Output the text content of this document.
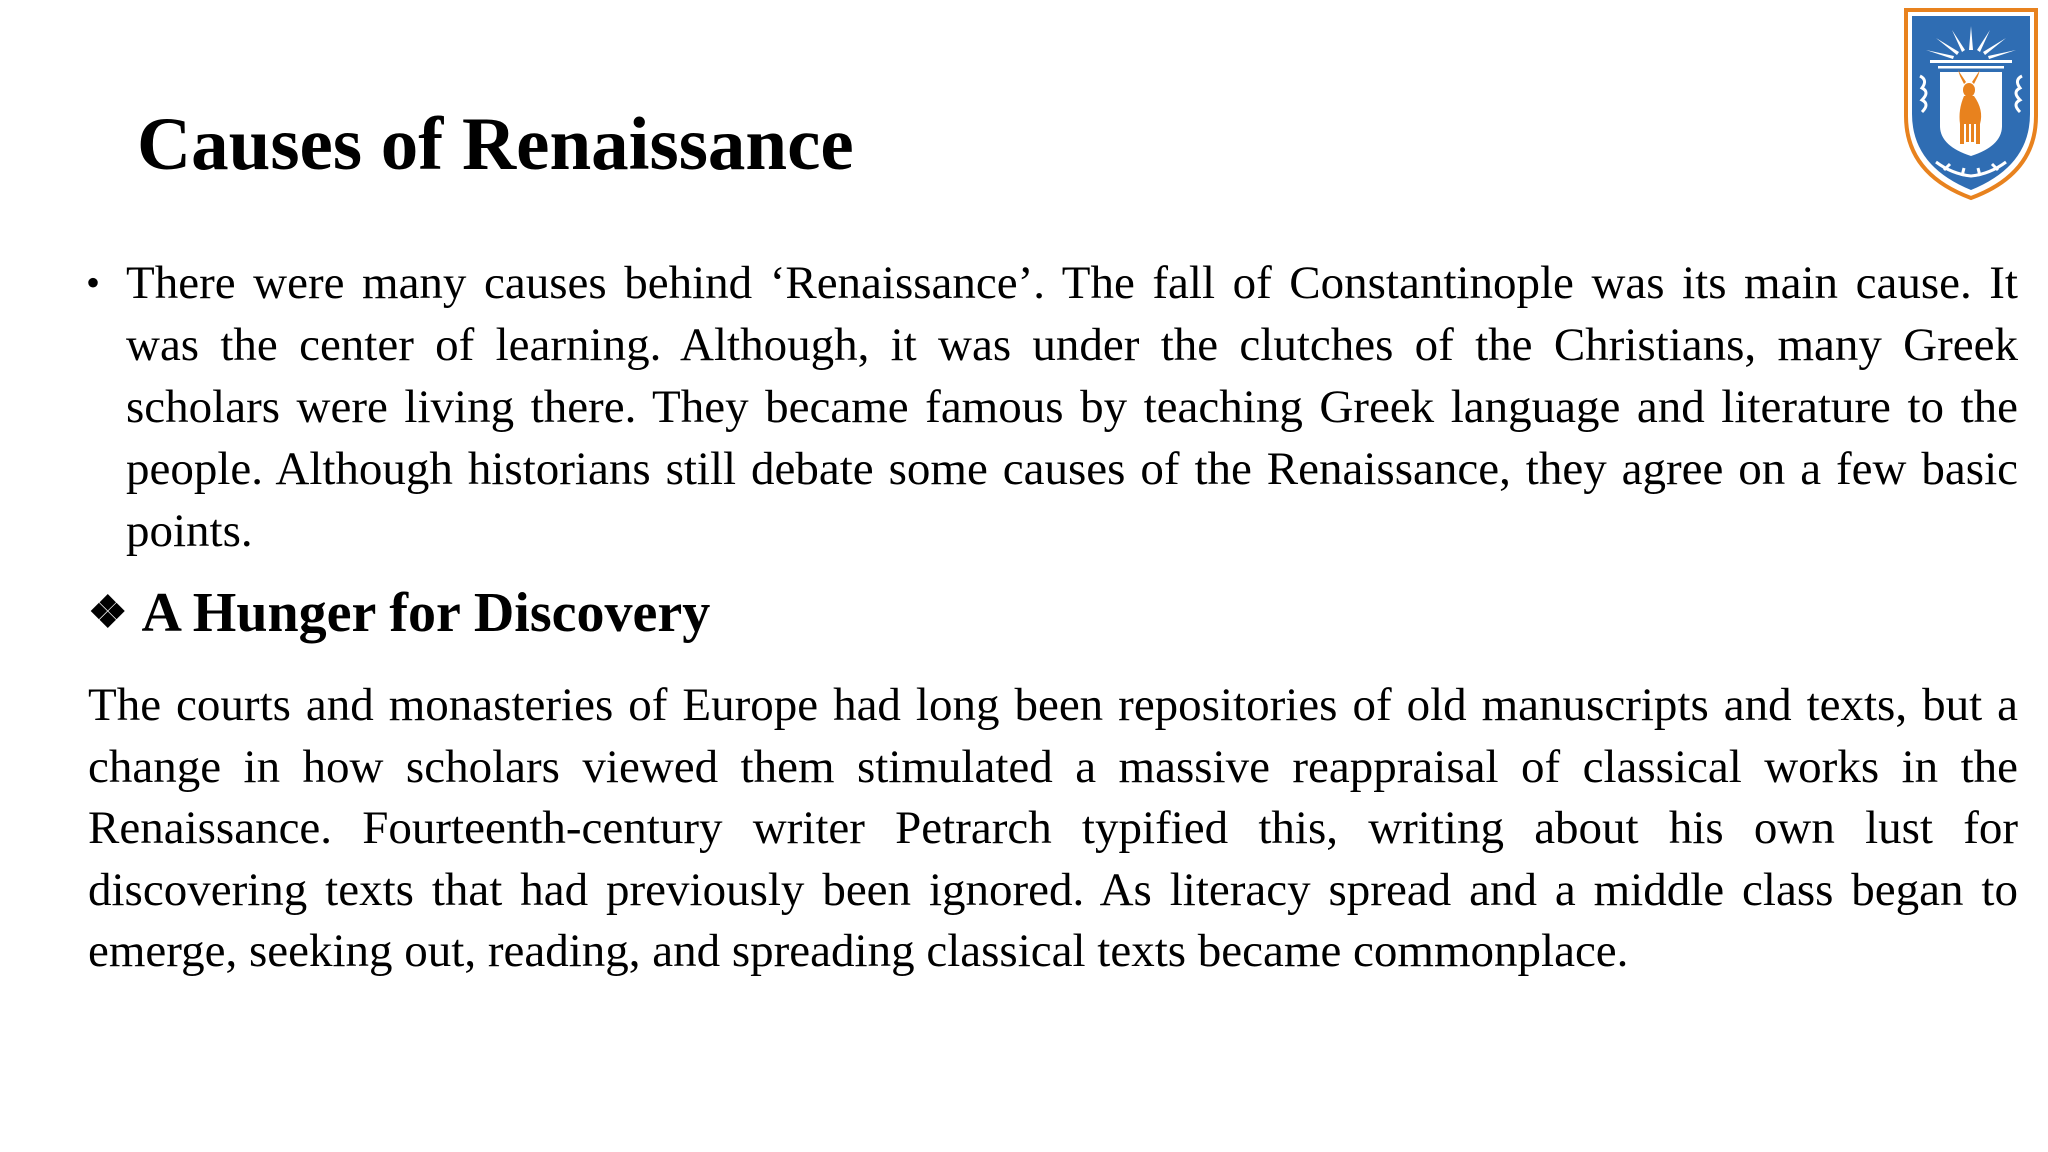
Causes of Renaissance
• There were many causes behind ‘Renaissance’. The fall of Constantinople was its main cause. It was the center of learning. Although, it was under the clutches of the Christians, many Greek scholars were living there. They became famous by teaching Greek language and literature to the people. Although historians still debate some causes of the Renaissance, they agree on a few basic points.

❖ A Hunger for Discovery

The courts and monasteries of Europe had long been repositories of old manuscripts and texts, but a change in how scholars viewed them stimulated a massive reappraisal of classical works in the Renaissance. Fourteenth-century writer Petrarch typified this, writing about his own lust for discovering texts that had previously been ignored. As literacy spread and a middle class began to emerge, seeking out, reading, and spreading classical texts became commonplace.
